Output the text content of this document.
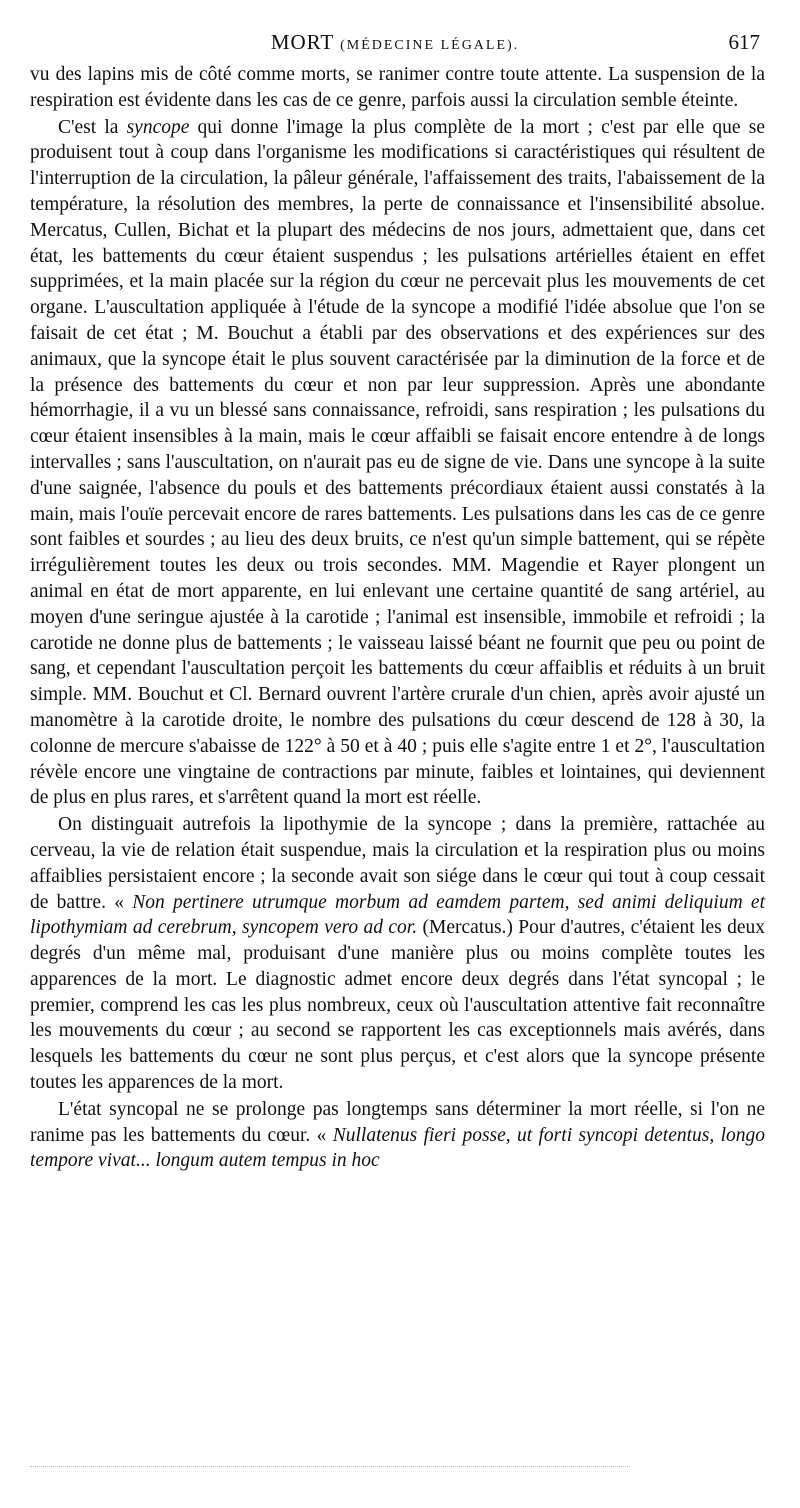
MORT (MÉDECINE LÉGALE).	617

vu des lapins mis de côté comme morts, se ranimer contre toute attente. La suspension de la respiration est évidente dans les cas de ce genre, parfois aussi la circulation semble éteinte.

C'est la syncope qui donne l'image la plus complète de la mort ; c'est par elle que se produisent tout à coup dans l'organisme les modifications si caractéristiques qui résultent de l'interruption de la circulation, la pâleur générale, l'affaissement des traits, l'abaissement de la température, la résolution des membres, la perte de connaissance et l'insensibilité absolue. Mercatus, Cullen, Bichat et la plupart des médecins de nos jours, admettaient que, dans cet état, les battements du cœur étaient suspendus ; les pulsations artérielles étaient en effet supprimées, et la main placée sur la région du cœur ne percevait plus les mouvements de cet organe. L'auscultation appliquée à l'étude de la syncope a modifié l'idée absolue que l'on se faisait de cet état ; M. Bouchut a établi par des observations et des expériences sur des animaux, que la syncope était le plus souvent caractérisée par la diminution de la force et de la présence des battements du cœur et non par leur suppression. Après une abondante hémorrhagie, il a vu un blessé sans connaissance, refroidi, sans respiration ; les pulsations du cœur étaient insensibles à la main, mais le cœur affaibli se faisait encore entendre à de longs intervalles ; sans l'auscultation, on n'aurait pas eu de signe de vie. Dans une syncope à la suite d'une saignée, l'absence du pouls et des battements précordiaux étaient aussi constatés à la main, mais l'ouïe percevait encore de rares battements. Les pulsations dans les cas de ce genre sont faibles et sourdes ; au lieu des deux bruits, ce n'est qu'un simple battement, qui se répète irrégulièrement toutes les deux ou trois secondes. MM. Magendie et Rayer plongent un animal en état de mort apparente, en lui enlevant une certaine quantité de sang artériel, au moyen d'une seringue ajustée à la carotide ; l'animal est insensible, immobile et refroidi ; la carotide ne donne plus de battements ; le vaisseau laissé béant ne fournit que peu ou point de sang, et cependant l'auscultation perçoit les battements du cœur affaiblis et réduits à un bruit simple. MM. Bouchut et Cl. Bernard ouvrent l'artère crurale d'un chien, après avoir ajusté un manomètre à la carotide droite, le nombre des pulsations du cœur descend de 128 à 30, la colonne de mercure s'abaisse de 122° à 50 et à 40 ; puis elle s'agite entre 1 et 2°, l'auscultation révèle encore une vingtaine de contractions par minute, faibles et lointaines, qui deviennent de plus en plus rares, et s'arrêtent quand la mort est réelle.

On distinguait autrefois la lipothymie de la syncope ; dans la première, rattachée au cerveau, la vie de relation était suspendue, mais la circulation et la respiration plus ou moins affaiblies persistaient encore ; la seconde avait son siége dans le cœur qui tout à coup cessait de battre. « Non pertinere utrumque morbum ad eamdem partem, sed animi deliquium et lipothymiam ad cerebrum, syncopem vero ad cor. (Mercatus.) Pour d'autres, c'étaient les deux degrés d'un même mal, produisant d'une manière plus ou moins complète toutes les apparences de la mort. Le diagnostic admet encore deux degrés dans l'état syncopal ; le premier, comprend les cas les plus nombreux, ceux où l'auscultation attentive fait reconnaître les mouvements du cœur ; au second se rapportent les cas exceptionnels mais avérés, dans lesquels les battements du cœur ne sont plus perçus, et c'est alors que la syncope présente toutes les apparences de la mort.

L'état syncopal ne se prolonge pas longtemps sans déterminer la mort réelle, si l'on ne ranime pas les battements du cœur. « Nullatenus fieri posse, ut forti syncopi detentus, longo tempore vivat... longum autem tempus in hoc
